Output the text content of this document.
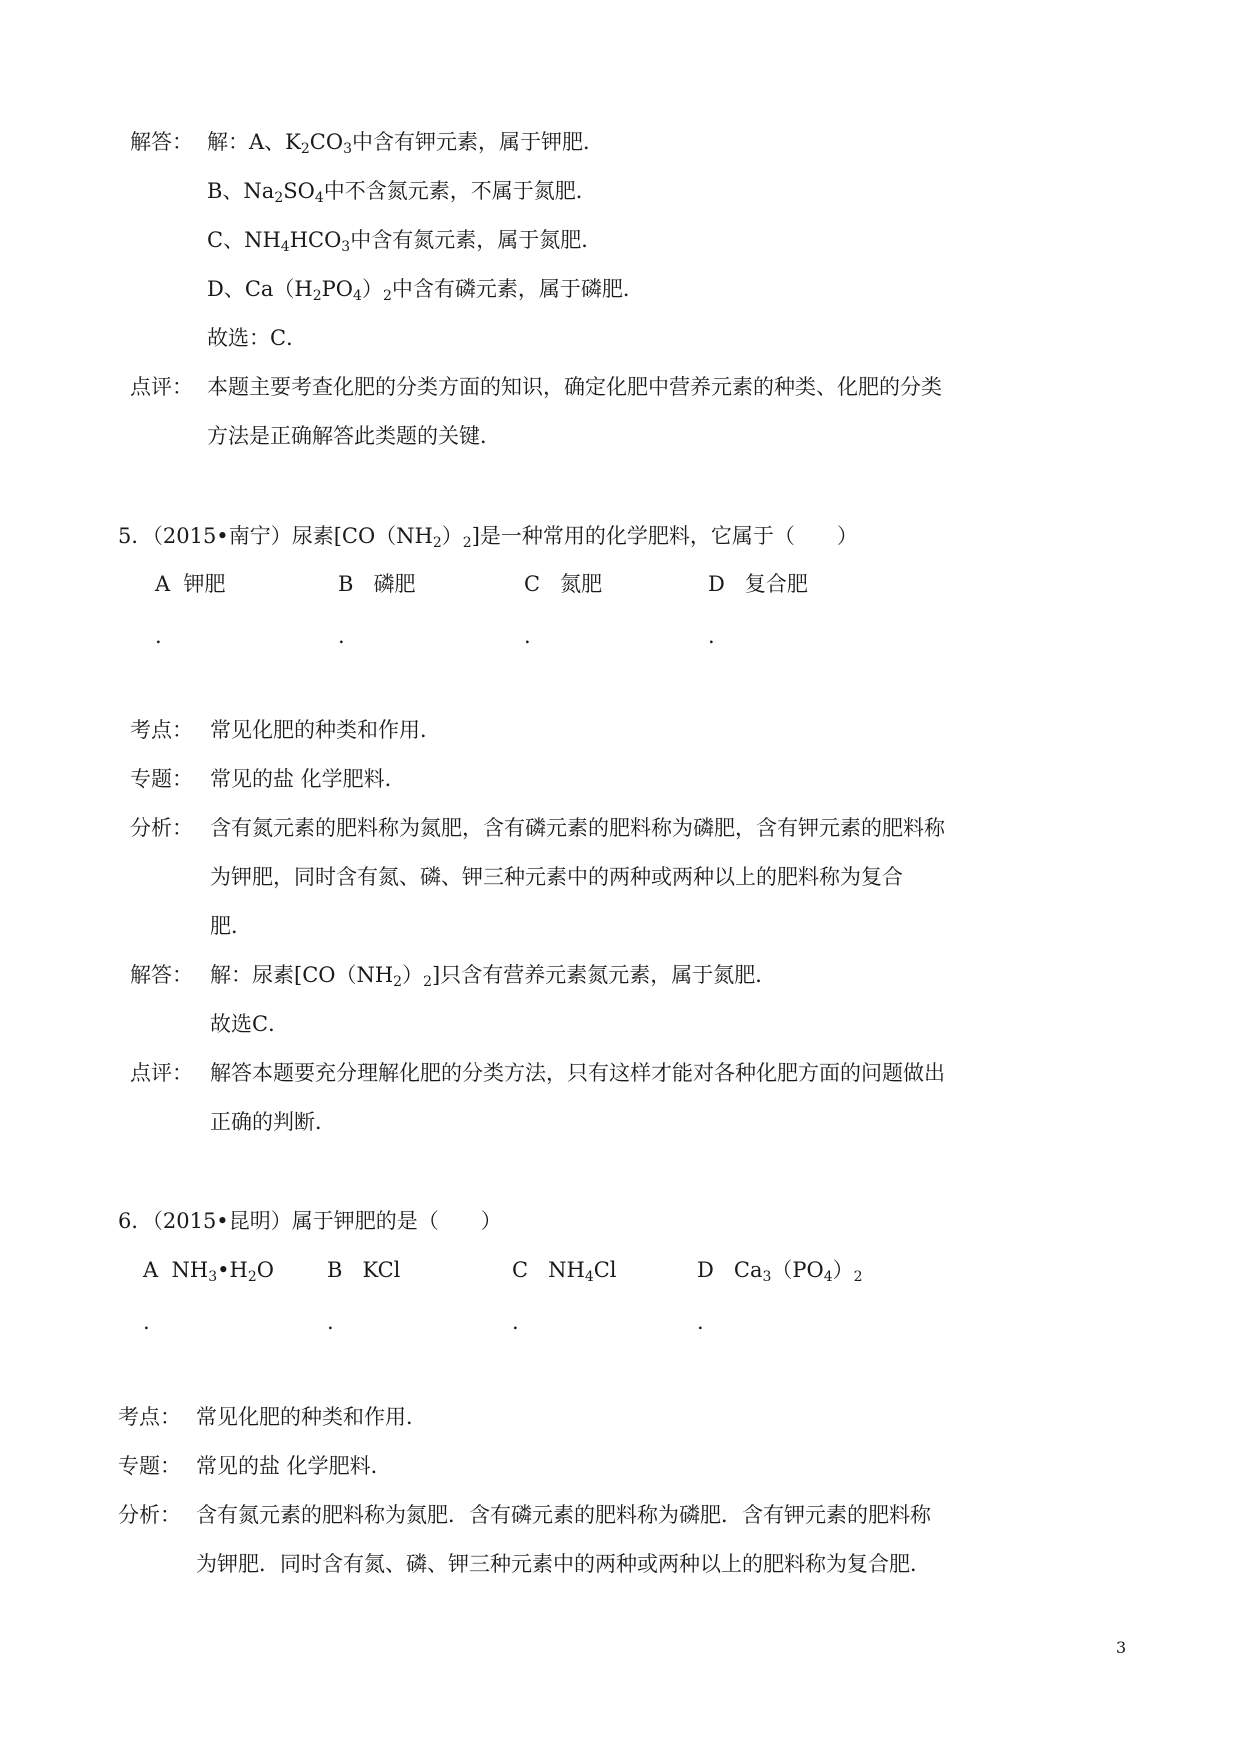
解答： 解：A、$K_2CO_3$中含有钾元素，属于钾肥．
B、$Na_2SO_4$中不含氮元素，不属于氮肥．
C、$NH_4HCO_3$中含有氮元素，属于氮肥．
D、$Ca(H_2PO_4)_2$中含有磷元素，属于磷肥．
故选：C．
点评： 本题主要考查化肥的分类方面的知识，确定化肥中营养元素的种类、化肥的分类
方法是正确解答此类题的关键．
5．（2015•南宁）尿素$[CO(NH_2)_2]$是一种常用的化学肥料，它属于（　　）
A 钾肥	B 磷肥	C 氮肥	D 复合肥
.	.	.	.
考点： 常见化肥的种类和作用．
专题： 常见的盐 化学肥料．
分析： 含有氮元素的肥料称为氮肥，含有磷元素的肥料称为磷肥，含有钾元素的肥料称
为钾肥，同时含有氮、磷、钾三种元素中的两种或两种以上的肥料称为复合
肥．
解答： 解：尿素$[CO(NH_2)_2]$只含有营养元素氮元素，属于氮肥．
故选C．
点评： 解答本题要充分理解化肥的分类方法，只有这样才能对各种化肥方面的问题做出
正确的判断．
6．（2015•昆明）属于钾肥的是（　　）
A $NH_3•H_2O$	B KCl	C $NH_4Cl$	D $Ca_3(PO_4)_2$
.	.	.	.
考点： 常见化肥的种类和作用．
专题： 常见的盐 化学肥料．
分析： 含有氮元素的肥料称为氮肥．含有磷元素的肥料称为磷肥．含有钾元素的肥料称
为钾肥．同时含有氮、磷、钾三种元素中的两种或两种以上的肥料称为复合肥．
3
